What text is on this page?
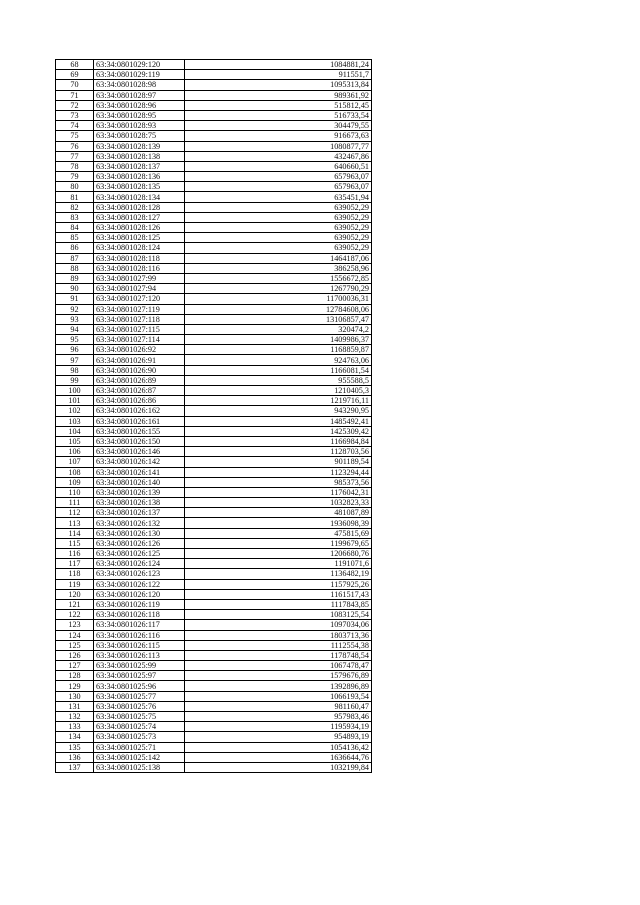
68	63:34:0801029:120	1084881,24
69	63:34:0801029:119	911551,7
70	63:34:0801028:98	1095313,84
71	63:34:0801028:97	989361,92
72	63:34:0801028:96	515812,45
73	63:34:0801028:95	516733,54
74	63:34:0801028:93	304479,55
75	63:34:0801028:75	916673,63
76	63:34:0801028:139	1080877,77
77	63:34:0801028:138	432467,86
78	63:34:0801028:137	640660,51
79	63:34:0801028:136	657963,07
80	63:34:0801028:135	657963,07
81	63:34:0801028:134	635451,94
82	63:34:0801028:128	639052,29
83	63:34:0801028:127	639052,29
84	63:34:0801028:126	639052,29
85	63:34:0801028:125	639052,29
86	63:34:0801028:124	639052,29
87	63:34:0801028:118	1464187,06
88	63:34:0801028:116	386258,96
89	63:34:0801027:99	1556672,85
90	63:34:0801027:94	1267790,29
91	63:34:0801027:120	11700036,31
92	63:34:0801027:119	12784608,06
93	63:34:0801027:118	13106857,47
94	63:34:0801027:115	320474,2
95	63:34:0801027:114	1409986,37
96	63:34:0801026:92	1168859,87
97	63:34:0801026:91	924763,06
98	63:34:0801026:90	1166081,54
99	63:34:0801026:89	955588,5
100	63:34:0801026:87	1210405,3
101	63:34:0801026:86	1219716,11
102	63:34:0801026:162	943290,95
103	63:34:0801026:161	1485492,41
104	63:34:0801026:155	1425309,42
105	63:34:0801026:150	1166984,84
106	63:34:0801026:146	1128703,56
107	63:34:0801026:142	901189,54
108	63:34:0801026:141	1123294,44
109	63:34:0801026:140	985373,56
110	63:34:0801026:139	1176042,31
111	63:34:0801026:138	1032823,33
112	63:34:0801026:137	481087,89
113	63:34:0801026:132	1936098,39
114	63:34:0801026:130	475815,69
115	63:34:0801026:126	1199679,65
116	63:34:0801026:125	1206680,76
117	63:34:0801026:124	1191071,6
118	63:34:0801026:123	1136482,19
119	63:34:0801026:122	1157925,26
120	63:34:0801026:120	1161517,43
121	63:34:0801026:119	1117843,85
122	63:34:0801026:118	1083125,54
123	63:34:0801026:117	1097034,06
124	63:34:0801026:116	1803713,36
125	63:34:0801026:115	1112554,38
126	63:34:0801026:113	1178748,54
127	63:34:0801025:99	1067478,47
128	63:34:0801025:97	1579676,89
129	63:34:0801025:96	1392896,89
130	63:34:0801025:77	1066193,54
131	63:34:0801025:76	981160,47
132	63:34:0801025:75	957983,46
133	63:34:0801025:74	1195934,19
134	63:34:0801025:73	954893,19
135	63:34:0801025:71	1054136,42
136	63:34:0801025:142	1636644,76
137	63:34:0801025:138	1032199,84
